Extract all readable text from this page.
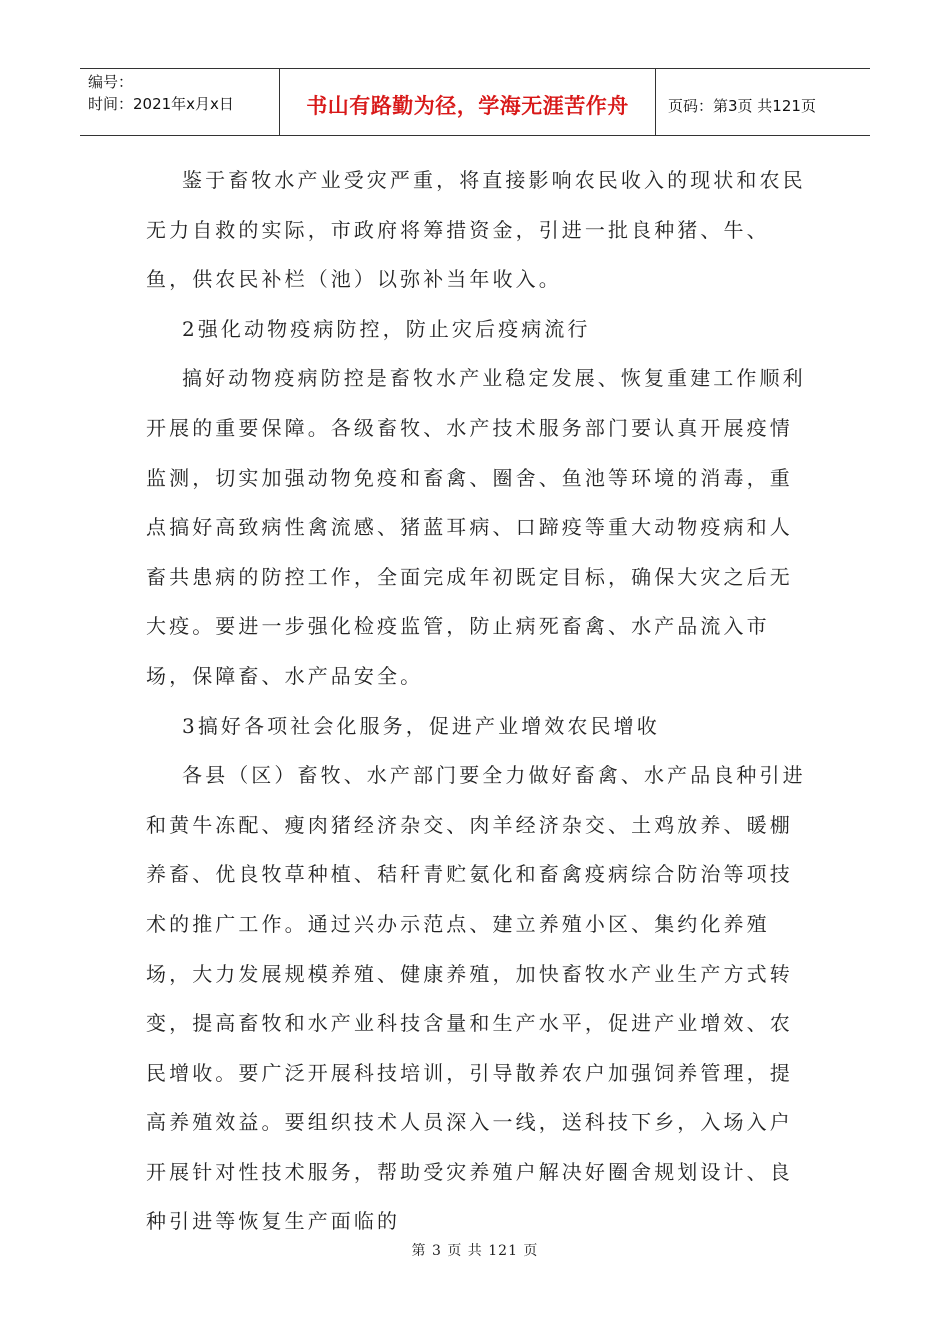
编号：
时间：2021年x月x日	书山有路勤为径，学海无涯苦作舟	页码：第3页 共121页

鉴于畜牧水产业受灾严重，将直接影响农民收入的现状和农民无力自救的实际，市政府将筹措资金，引进一批良种猪、牛、鱼，供农民补栏（池）以弥补当年收入。

2强化动物疫病防控，防止灾后疫病流行

搞好动物疫病防控是畜牧水产业稳定发展、恢复重建工作顺利开展的重要保障。各级畜牧、水产技术服务部门要认真开展疫情监测，切实加强动物免疫和畜禽、圈舍、鱼池等环境的消毒，重点搞好高致病性禽流感、猪蓝耳病、口蹄疫等重大动物疫病和人畜共患病的防控工作，全面完成年初既定目标，确保大灾之后无大疫。要进一步强化检疫监管，防止病死畜禽、水产品流入市场，保障畜、水产品安全。

3搞好各项社会化服务，促进产业增效农民增收

各县（区）畜牧、水产部门要全力做好畜禽、水产品良种引进和黄牛冻配、瘦肉猪经济杂交、肉羊经济杂交、土鸡放养、暖棚养畜、优良牧草种植、秸秆青贮氨化和畜禽疫病综合防治等项技术的推广工作。通过兴办示范点、建立养殖小区、集约化养殖场，大力发展规模养殖、健康养殖，加快畜牧水产业生产方式转变，提高畜牧和水产业科技含量和生产水平，促进产业增效、农民增收。要广泛开展科技培训，引导散养农户加强饲养管理，提高养殖效益。要组织技术人员深入一线，送科技下乡，入场入户开展针对性技术服务，帮助受灾养殖户解决好圈舍规划设计、良种引进等恢复生产面临的

第 3 页 共 121 页
